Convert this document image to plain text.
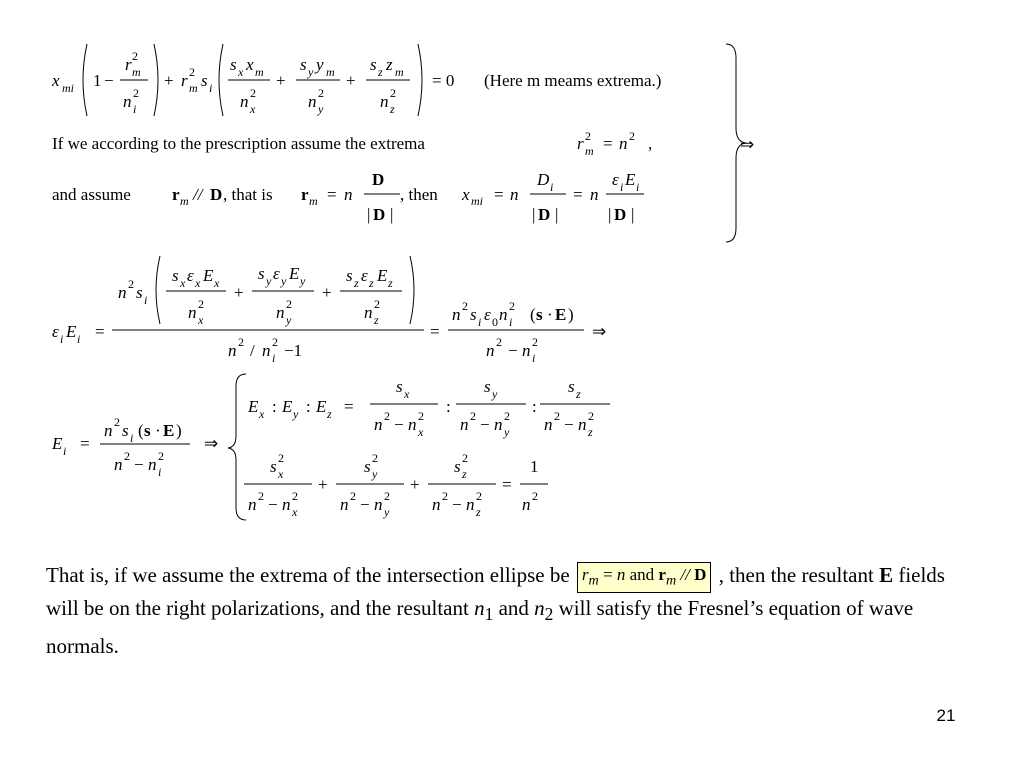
x mi 1 −
r 2
m
n 2
i
+ r 2
m s i
s x x m
n 2
x
+
s y y m
n 2
y
+
s z z m
n 2
z
= 0 (Here m meams extrema.)
If we according to the prescription assume the extrema	r 2
m = n 2 ,
and assume r m // D , that is r m = n
D
| D |
, then x mi = n
D i
| D |
= n
ε i E i
| D |
⇒
ε i E i =
n 2 s i
s x ε x E x
n 2
x
+
s y ε y E y
n 2
y
+
s z ε z E z
n 2
z
n 2 / n 2
i −1
=
n 2 s i ε 0 n 2
i ( s · E )
n 2 − n 2
i
⇒
E i =
n 2 s i ( s · E )
n 2 − n 2
i
⇒
E x : E y : E z =
s x
n 2 − n 2
x
:
s y
n 2 − n 2
y
:
s z
n 2 − n 2
z
s 2
x
n 2 − n 2
x
+
s 2
y
n 2 − n 2
y
+
s 2
z
n 2 − n 2
z
=
1
n 2
That is, if we assume the extrema of the intersection ellipse be $r_m = n$ and $r_m$ // D , then the resultant E fields will be on the right polarizations, and the resultant $n_1$ and $n_2$ will satisfy the Fresnel’s equation of wave normals.
21
